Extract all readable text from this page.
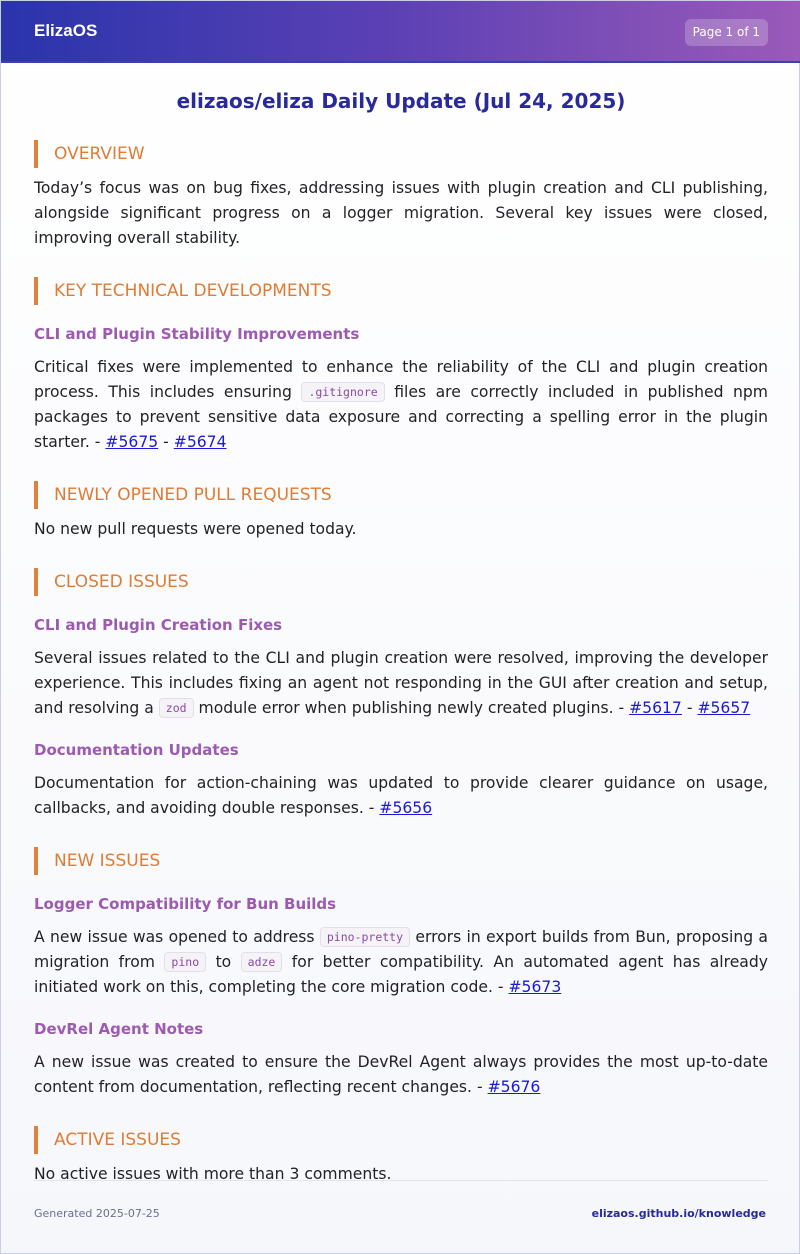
ElizaOS	Page 1 of 1
elizaos/eliza Daily Update (Jul 24, 2025)
OVERVIEW

Today’s focus was on bug fixes, addressing issues with plugin creation and CLI publishing, alongside significant progress on a logger migration. Several key issues were closed, improving overall stability.

KEY TECHNICAL DEVELOPMENTS
CLI and Plugin Stability Improvements

Critical fixes were implemented to enhance the reliability of the CLI and plugin creation process. This includes ensuring .gitignore files are correctly included in published npm packages to prevent sensitive data exposure and correcting a spelling error in the plugin starter. - #5675 - #5674

NEWLY OPENED PULL REQUESTS

No new pull requests were opened today.

CLOSED ISSUES
CLI and Plugin Creation Fixes

Several issues related to the CLI and plugin creation were resolved, improving the developer experience. This includes fixing an agent not responding in the GUI after creation and setup, and resolving a zod module error when publishing newly created plugins. - #5617 - #5657

Documentation Updates

Documentation for action-chaining was updated to provide clearer guidance on usage, callbacks, and avoiding double responses. - #5656

NEW ISSUES
Logger Compatibility for Bun Builds

A new issue was opened to address pino-pretty errors in export builds from Bun, proposing a migration from pino to adze for better compatibility. An automated agent has already initiated work on this, completing the core migration code. - #5673

DevRel Agent Notes

A new issue was created to ensure the DevRel Agent always provides the most up-to-date content from documentation, reflecting recent changes. - #5676

ACTIVE ISSUES

No active issues with more than 3 comments.

Generated 2025-07-25	elizaos.github.io/knowledge
